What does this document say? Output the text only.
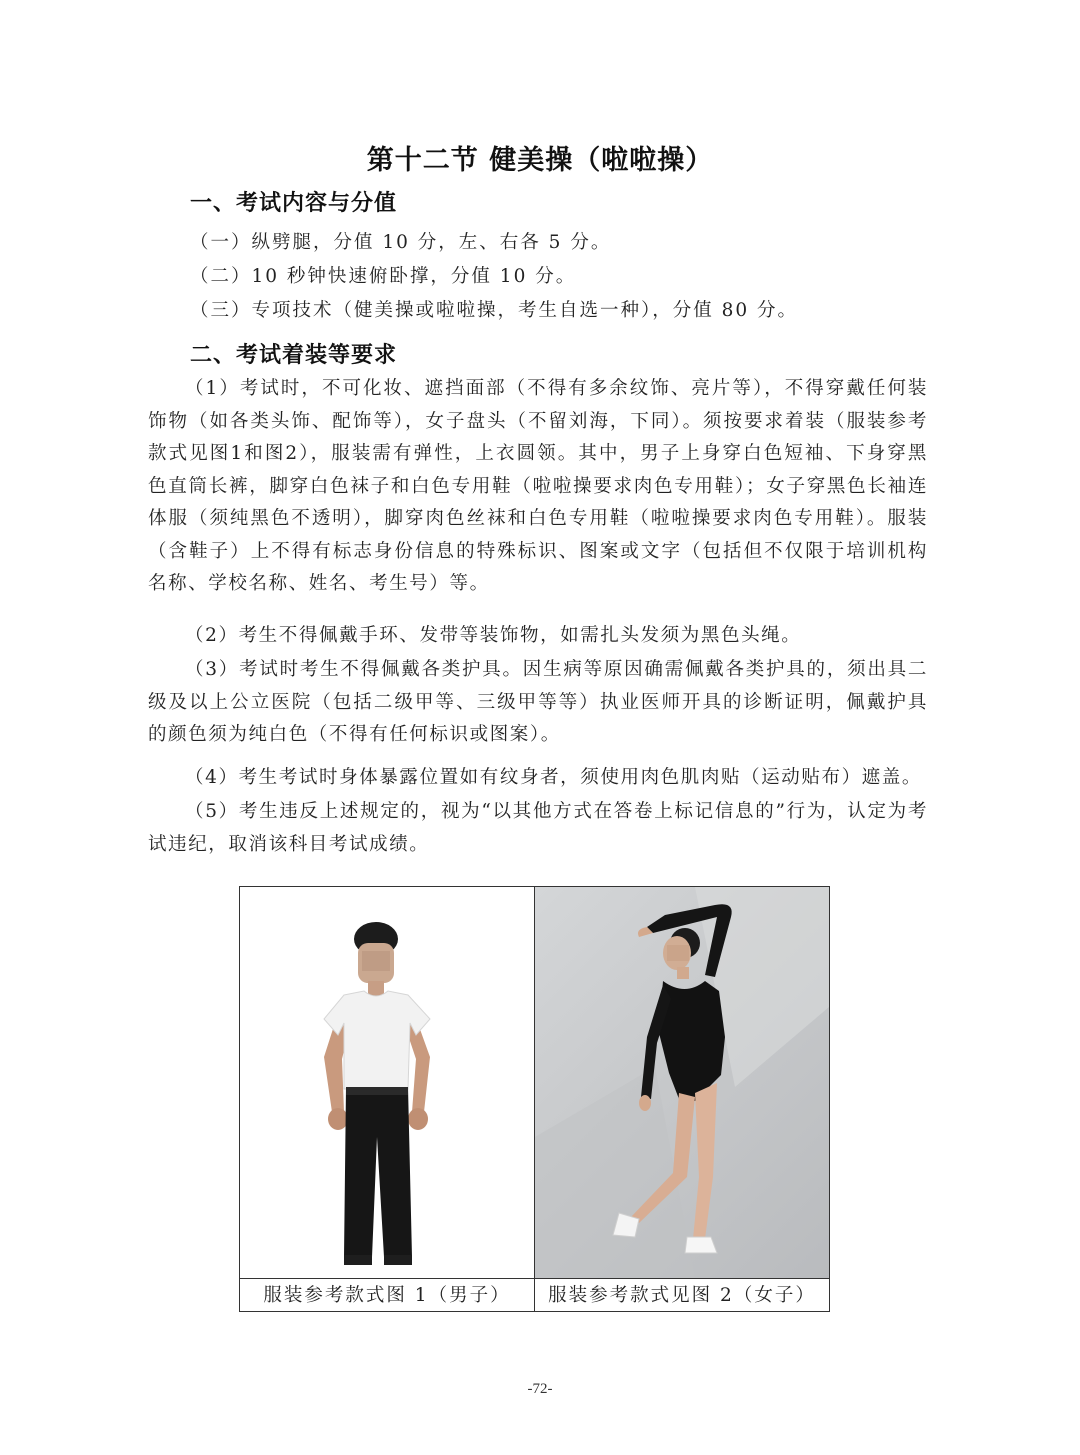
第十二节 健美操（啦啦操）
一、考试内容与分值
（一）纵劈腿，分值 10 分，左、右各 5 分。
（二）10 秒钟快速俯卧撑，分值 10 分。
（三）专项技术（健美操或啦啦操，考生自选一种），分值 80 分。
二、考试着装等要求

（1）考试时，不可化妆、遮挡面部（不得有多余纹饰、亮片等），不得穿戴任何装饰物（如各类头饰、配饰等），女子盘头（不留刘海，下同）。须按要求着装（服装参考款式见图1和图2），服装需有弹性，上衣圆领。其中，男子上身穿白色短袖、下身穿黑色直筒长裤，脚穿白色袜子和白色专用鞋（啦啦操要求肉色专用鞋）；女子穿黑色长袖连体服（须纯黑色不透明），脚穿肉色丝袜和白色专用鞋（啦啦操要求肉色专用鞋）。服装（含鞋子）上不得有标志身份信息的特殊标识、图案或文字（包括但不仅限于培训机构名称、学校名称、姓名、考生号）等。

（2）考生不得佩戴手环、发带等装饰物，如需扎头发须为黑色头绳。

（3）考试时考生不得佩戴各类护具。因生病等原因确需佩戴各类护具的，须出具二级及以上公立医院（包括二级甲等、三级甲等等）执业医师开具的诊断证明，佩戴护具的颜色须为纯白色（不得有任何标识或图案）。

（4）考生考试时身体暴露位置如有纹身者，须使用肉色肌肉贴（运动贴布）遮盖。

（5）考生违反上述规定的，视为“以其他方式在答卷上标记信息的”行为，认定为考试违纪，取消该科目考试成绩。

服装参考款式图 1（男子）	服装参考款式见图 2（女子）
-72-
